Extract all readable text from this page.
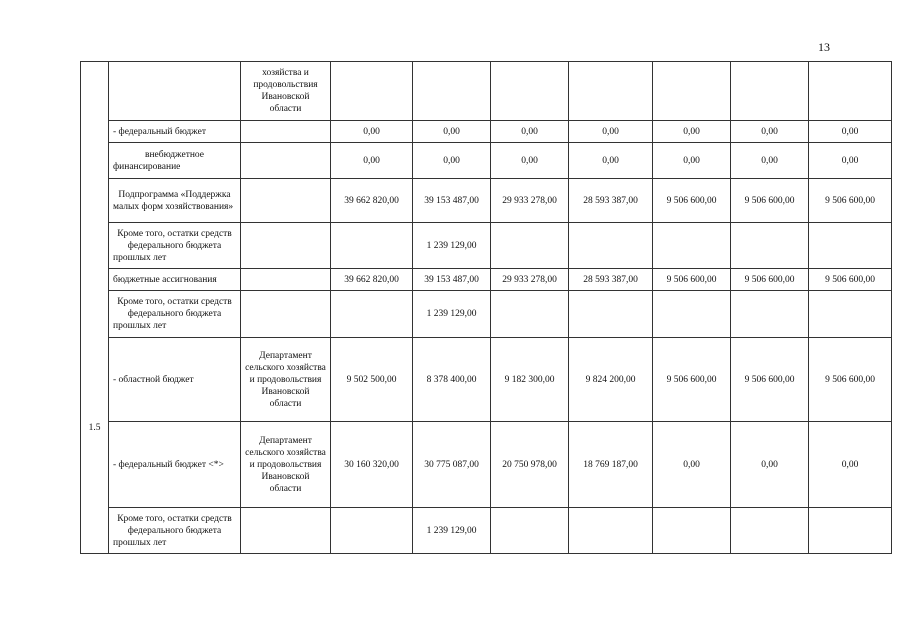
13
1.5		хозяйства и продовольствия Ивановской области							
	- федеральный бюджет		0,00	0,00	0,00	0,00	0,00	0,00	0,00
	внебюджетное финансирование		0,00	0,00	0,00	0,00	0,00	0,00	0,00
	Подпрограмма «Поддержка малых форм хозяйствования»		39 662 820,00	39 153 487,00	29 933 278,00	28 593 387,00	9 506 600,00	9 506 600,00	9 506 600,00
	Кроме того, остатки средств федерального бюджета прошлых лет			1 239 129,00					
	бюджетные ассигнования		39 662 820,00	39 153 487,00	29 933 278,00	28 593 387,00	9 506 600,00	9 506 600,00	9 506 600,00
	Кроме того, остатки средств федерального бюджета прошлых лет			1 239 129,00					
	- областной бюджет	Департамент сельского хозяйства и продовольствия Ивановской области	9 502 500,00	8 378 400,00	9 182 300,00	9 824 200,00	9 506 600,00	9 506 600,00	9 506 600,00
	- федеральный бюджет <*>	Департамент сельского хозяйства и продовольствия Ивановской области	30 160 320,00	30 775 087,00	20 750 978,00	18 769 187,00	0,00	0,00	0,00
	Кроме того, остатки средств федерального бюджета прошлых лет			1 239 129,00					
